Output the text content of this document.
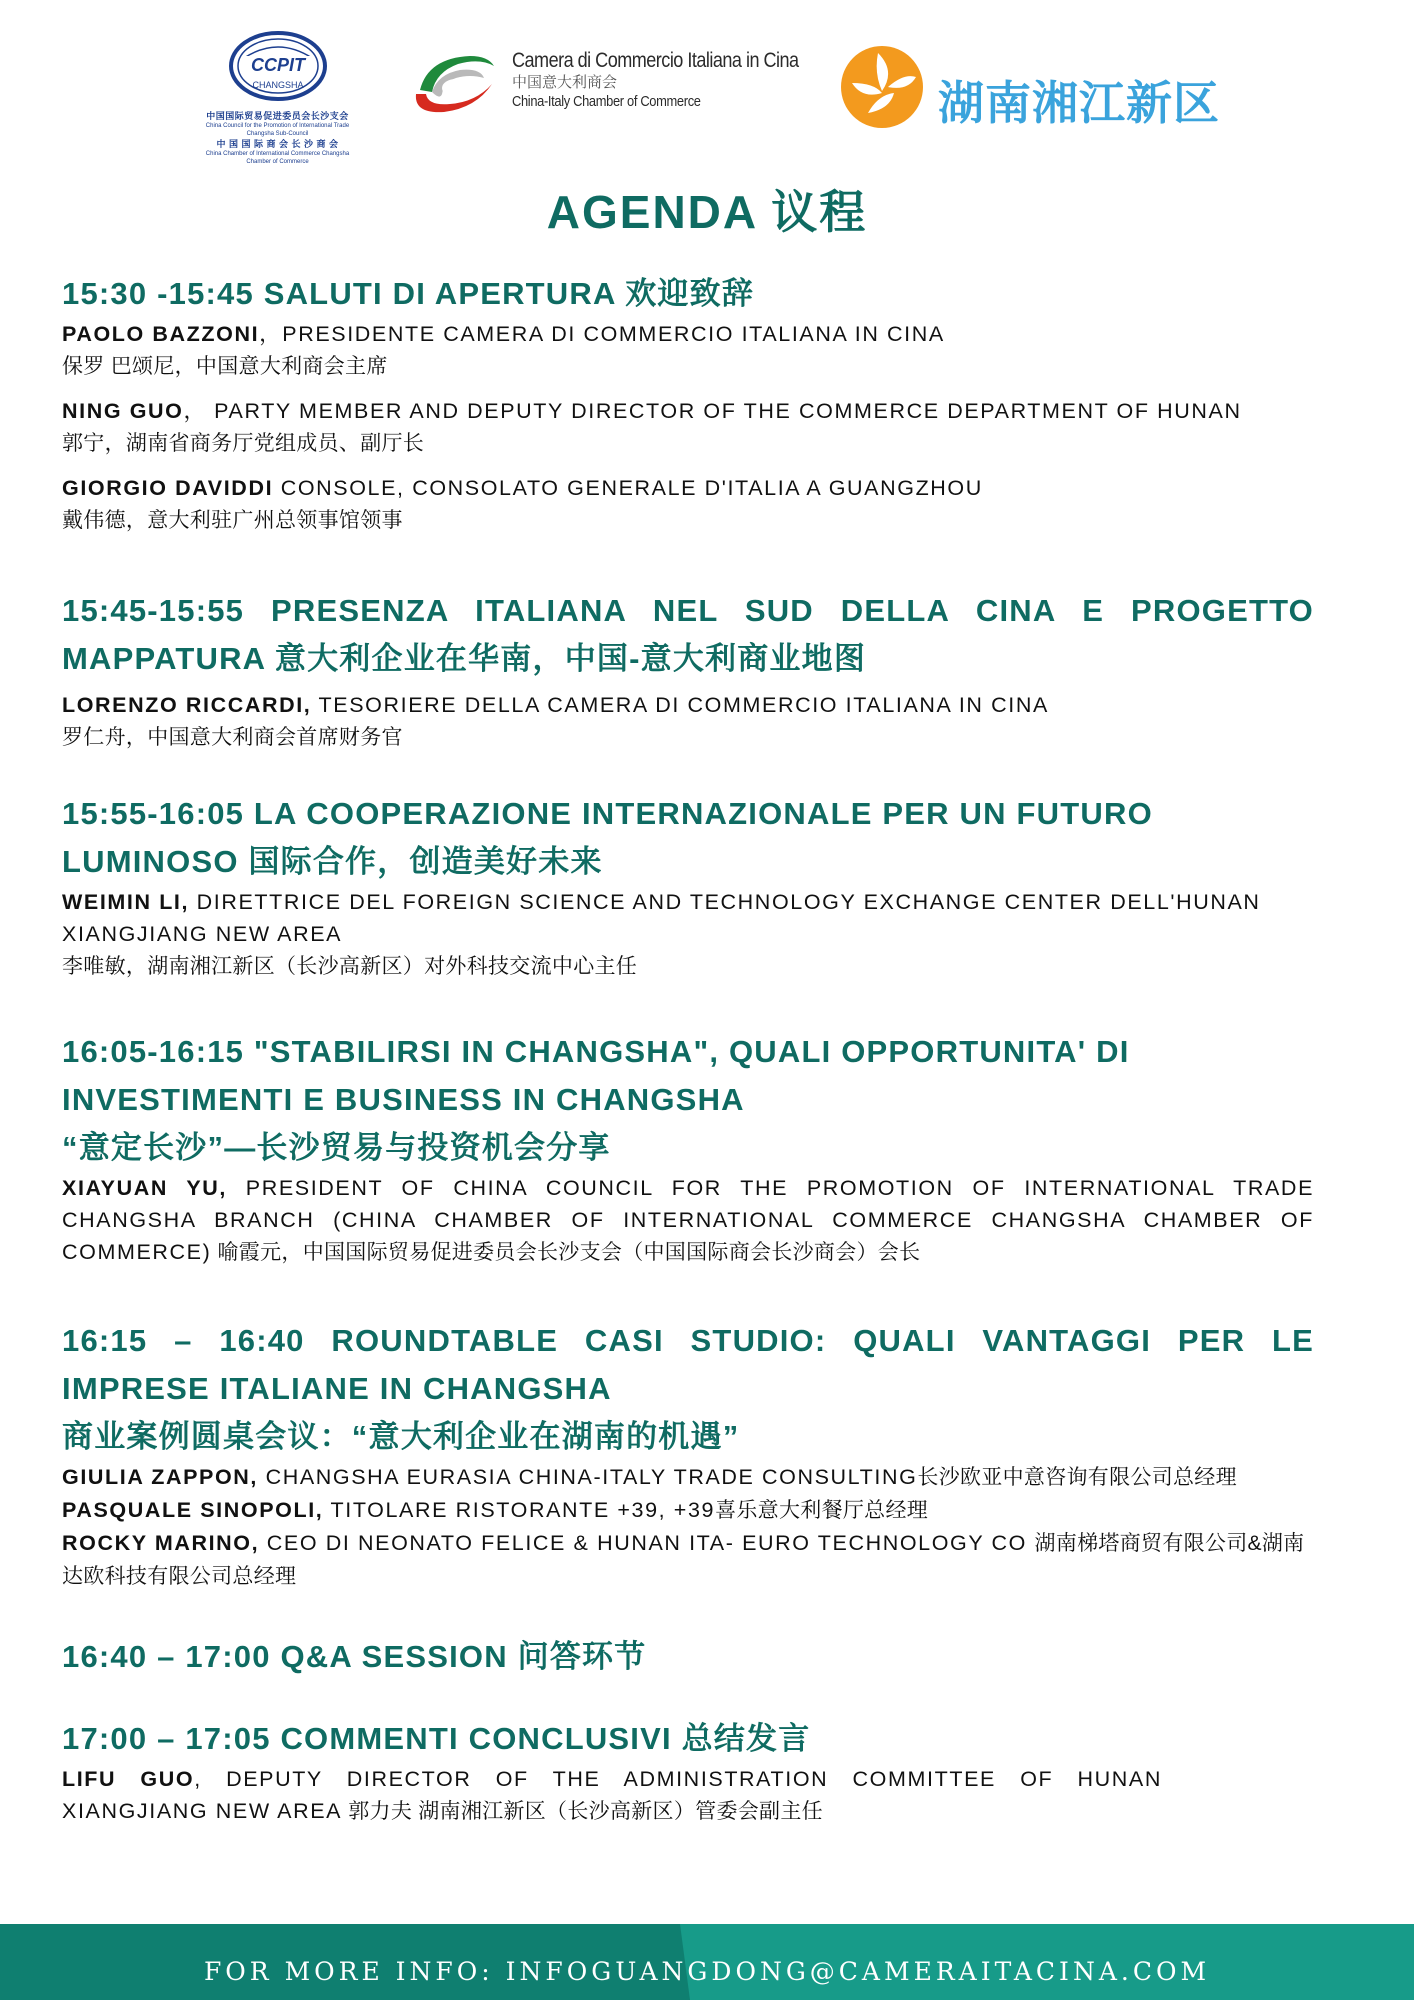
CCPIT
CHANGSHA
中国国际贸易促进委员会长沙支会
China Council for the Promotion of International Trade Changsha Sub-Council
中 国 国 际 商 会 长 沙 商 会
China Chamber of International Commerce Changsha Chamber of Commerce
Camera di Commercio Italiana in Cina
中国意大利商会
China-Italy Chamber of Commerce	湖南湘江新区
AGENDA 议程
15:30 -15:45 SALUTI DI APERTURA 欢迎致辞
PAOLO BAZZONI，PRESIDENTE CAMERA DI COMMERCIO ITALIANA IN CINA
保罗 巴颂尼，中国意大利商会主席
NING GUO， PARTY MEMBER AND DEPUTY DIRECTOR OF THE COMMERCE DEPARTMENT OF HUNAN
郭宁，湖南省商务厅党组成员、副厅长
GIORGIO DAVIDDI CONSOLE, CONSOLATO GENERALE D'ITALIA A GUANGZHOU
戴伟德，意大利驻广州总领事馆领事
15:45-15:55 PRESENZA ITALIANA NEL SUD DELLA CINA E PROGETTO MAPPATURA 意大利企业在华南，中国-意大利商业地图
LORENZO RICCARDI, TESORIERE DELLA CAMERA DI COMMERCIO ITALIANA IN CINA
罗仁舟，中国意大利商会首席财务官
15:55-16:05 LA COOPERAZIONE INTERNAZIONALE PER UN FUTURO LUMINOSO 国际合作，创造美好未来
WEIMIN LI, DIRETTRICE DEL FOREIGN SCIENCE AND TECHNOLOGY EXCHANGE CENTER DELL'HUNAN XIANGJIANG NEW AREA
李唯敏，湖南湘江新区（长沙高新区）对外科技交流中心主任
16:05-16:15 "STABILIRSI IN CHANGSHA", QUALI OPPORTUNITA' DI INVESTIMENTI E BUSINESS IN CHANGSHA
“意定长沙”—长沙贸易与投资机会分享
XIAYUAN YU, PRESIDENT OF CHINA COUNCIL FOR THE PROMOTION OF INTERNATIONAL TRADE CHANGSHA BRANCH (CHINA CHAMBER OF INTERNATIONAL COMMERCE CHANGSHA CHAMBER OF COMMERCE) 喻霞元，中国国际贸易促进委员会长沙支会（中国国际商会长沙商会）会长
16:15 – 16:40 ROUNDTABLE CASI STUDIO: QUALI VANTAGGI PER LE IMPRESE ITALIANE IN CHANGSHA
商业案例圆桌会议：“意大利企业在湖南的机遇”
GIULIA ZAPPON, CHANGSHA EURASIA CHINA-ITALY TRADE CONSULTING长沙欧亚中意咨询有限公司总经理
PASQUALE SINOPOLI, TITOLARE RISTORANTE +39, +39喜乐意大利餐厅总经理
ROCKY MARINO, CEO DI NEONATO FELICE & HUNAN ITA- EURO TECHNOLOGY CO 湖南梯塔商贸有限公司&湖南达欧科技有限公司总经理
16:40 – 17:00 Q&A SESSION 问答环节
17:00 – 17:05 COMMENTI CONCLUSIVI 总结发言
LIFU GUO, DEPUTY DIRECTOR OF THE ADMINISTRATION COMMITTEE OF HUNAN XIANGJIANG NEW AREA 郭力夫 湖南湘江新区（长沙高新区）管委会副主任
FOR MORE INFO: INFOGUANGDONG@CAMERAITACINA.COM
